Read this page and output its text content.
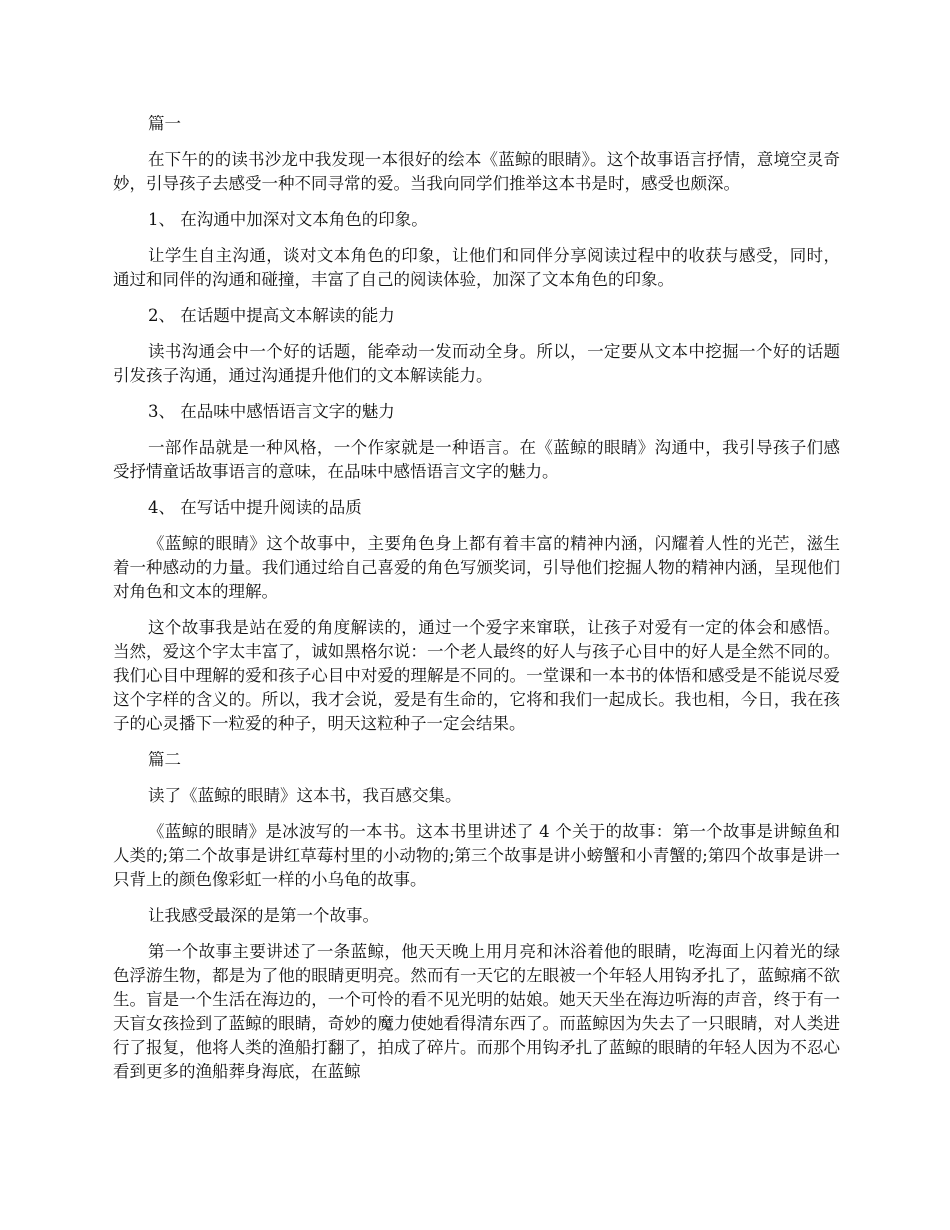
篇一

在下午的的读书沙龙中我发现一本很好的绘本《蓝鲸的眼睛》。这个故事语言抒情，意境空灵奇妙，引导孩子去感受一种不同寻常的爱。当我向同学们推举这本书是时，感受也颇深。

1、 在沟通中加深对文本角色的印象。

让学生自主沟通，谈对文本角色的印象，让他们和同伴分享阅读过程中的收获与感受，同时，通过和同伴的沟通和碰撞，丰富了自己的阅读体验，加深了文本角色的印象。

2、 在话题中提高文本解读的能力

读书沟通会中一个好的话题，能牵动一发而动全身。所以，一定要从文本中挖掘一个好的话题引发孩子沟通，通过沟通提升他们的文本解读能力。

3、 在品味中感悟语言文字的魅力

一部作品就是一种风格，一个作家就是一种语言。在《蓝鲸的眼睛》沟通中，我引导孩子们感受抒情童话故事语言的意味，在品味中感悟语言文字的魅力。

4、 在写话中提升阅读的品质

《蓝鲸的眼睛》这个故事中，主要角色身上都有着丰富的精神内涵，闪耀着人性的光芒，滋生着一种感动的力量。我们通过给自己喜爱的角色写颁奖词，引导他们挖掘人物的精神内涵，呈现他们对角色和文本的理解。

这个故事我是站在爱的角度解读的，通过一个爱字来窜联，让孩子对爱有一定的体会和感悟。当然，爱这个字太丰富了，诚如黑格尔说：一个老人最终的好人与孩子心目中的好人是全然不同的。我们心目中理解的爱和孩子心目中对爱的理解是不同的。一堂课和一本书的体悟和感受是不能说尽爱这个字样的含义的。所以，我才会说，爱是有生命的，它将和我们一起成长。我也相，今日，我在孩子的心灵播下一粒爱的种子，明天这粒种子一定会结果。

篇二

读了《蓝鲸的眼睛》这本书，我百感交集。

《蓝鲸的眼睛》是冰波写的一本书。这本书里讲述了 4 个关于的故事：第一个故事是讲鲸鱼和人类的;第二个故事是讲红草莓村里的小动物的;第三个故事是讲小螃蟹和小青蟹的;第四个故事是讲一只背上的颜色像彩虹一样的小乌龟的故事。

让我感受最深的是第一个故事。

第一个故事主要讲述了一条蓝鲸，他天天晚上用月亮和沐浴着他的眼睛，吃海面上闪着光的绿色浮游生物，都是为了他的眼睛更明亮。然而有一天它的左眼被一个年轻人用钩矛扎了，蓝鲸痛不欲生。盲是一个生活在海边的，一个可怜的看不见光明的姑娘。她天天坐在海边听海的声音，终于有一天盲女孩捡到了蓝鲸的眼睛，奇妙的魔力使她看得清东西了。而蓝鲸因为失去了一只眼睛，对人类进行了报复，他将人类的渔船打翻了，拍成了碎片。而那个用钩矛扎了蓝鲸的眼睛的年轻人因为不忍心看到更多的渔船葬身海底，在蓝鲸
